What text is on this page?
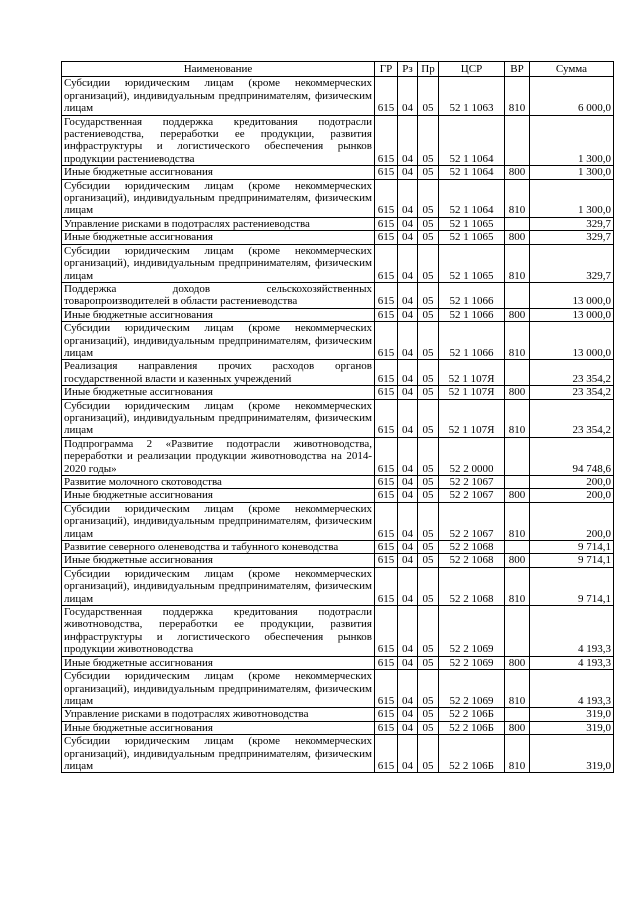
Наименование	ГР	Рз	Пр	ЦСР	ВР	Сумма
Субсидии юридическим лицам (кроме некоммерческих организаций), индивидуальным предпринимателям, физическим лицам	615	04	05	52 1 1063	810	6 000,0
Государственная поддержка кредитования подотрасли растениеводства, переработки ее продукции, развития инфраструктуры и логистического обеспечения рынков продукции растениеводства	615	04	05	52 1 1064		1 300,0
Иные бюджетные ассигнования	615	04	05	52 1 1064	800	1 300,0
Субсидии юридическим лицам (кроме некоммерческих организаций), индивидуальным предпринимателям, физическим лицам	615	04	05	52 1 1064	810	1 300,0
Управление рисками в подотраслях растениеводства	615	04	05	52 1 1065		329,7
Иные бюджетные ассигнования	615	04	05	52 1 1065	800	329,7
Субсидии юридическим лицам (кроме некоммерческих организаций), индивидуальным предпринимателям, физическим лицам	615	04	05	52 1 1065	810	329,7
Поддержка доходов сельскохозяйственных товаропроизводителей в области растениеводства	615	04	05	52 1 1066		13 000,0
Иные бюджетные ассигнования	615	04	05	52 1 1066	800	13 000,0
Субсидии юридическим лицам (кроме некоммерческих организаций), индивидуальным предпринимателям, физическим лицам	615	04	05	52 1 1066	810	13 000,0
Реализация направления прочих расходов органов государственной власти и казенных учреждений	615	04	05	52 1 107Я		23 354,2
Иные бюджетные ассигнования	615	04	05	52 1 107Я	800	23 354,2
Субсидии юридическим лицам (кроме некоммерческих организаций), индивидуальным предпринимателям, физическим лицам	615	04	05	52 1 107Я	810	23 354,2
Подпрограмма 2 «Развитие подотрасли животноводства, переработки и реализации продукции животноводства на 2014-2020 годы»	615	04	05	52 2 0000		94 748,6
Развитие молочного скотоводства	615	04	05	52 2 1067		200,0
Иные бюджетные ассигнования	615	04	05	52 2 1067	800	200,0
Субсидии юридическим лицам (кроме некоммерческих организаций), индивидуальным предпринимателям, физическим лицам	615	04	05	52 2 1067	810	200,0
Развитие северного оленеводства и табунного коневодства	615	04	05	52 2 1068		9 714,1
Иные бюджетные ассигнования	615	04	05	52 2 1068	800	9 714,1
Субсидии юридическим лицам (кроме некоммерческих организаций), индивидуальным предпринимателям, физическим лицам	615	04	05	52 2 1068	810	9 714,1
Государственная поддержка кредитования подотрасли животноводства, переработки ее продукции, развития инфраструктуры и логистического обеспечения рынков продукции животноводства	615	04	05	52 2 1069		4 193,3
Иные бюджетные ассигнования	615	04	05	52 2 1069	800	4 193,3
Субсидии юридическим лицам (кроме некоммерческих организаций), индивидуальным предпринимателям, физическим лицам	615	04	05	52 2 1069	810	4 193,3
Управление рисками в подотраслях животноводства	615	04	05	52 2 106Б		319,0
Иные бюджетные ассигнования	615	04	05	52 2 106Б	800	319,0
Субсидии юридическим лицам (кроме некоммерческих организаций), индивидуальным предпринимателям, физическим лицам	615	04	05	52 2 106Б	810	319,0
